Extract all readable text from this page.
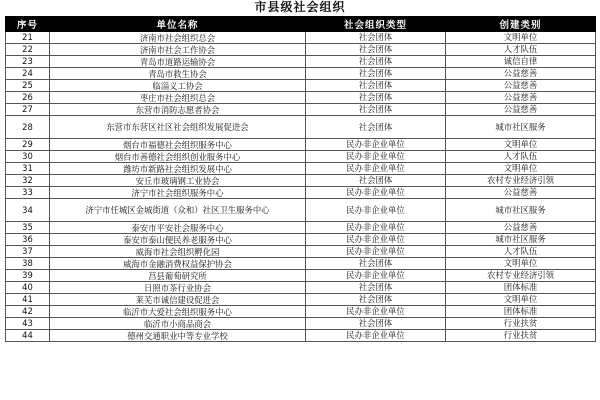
市县级社会组织
序号	单位名称	社会组织类型	创建类别
21	济南市社会组织总会	社会团体	文明单位
22	济南市社会工作协会	社会团体	人才队伍
23	青岛市道路运输协会	社会团体	诚信自律
24	青岛市救生协会	社会团体	公益慈善
25	临淄义工协会	社会团体	公益慈善
26	枣庄市社会组织总会	社会团体	公益慈善
27	东营市消防志愿者协会	社会团体	公益慈善
28	东营市东营区社区社会组织发展促进会	社会团体	城市社区服务
29	烟台市福德社会组织服务中心	民办非企业单位	文明单位
30	烟台市善德社会组织创业服务中心	民办非企业单位	人才队伍
31	潍坊市新路社会组织发展中心	民办非企业单位	文明单位
32	安丘市玻璃钢工业协会	社会团体	农村专业经济引领
33	济宁市社会组织服务中心	民办非企业单位	公益慈善
34	济宁市任城区金城街道（众和）社区卫生服务中心	民办非企业单位	城市社区服务
35	泰安市平安社会服务中心	民办非企业单位	公益慈善
36	泰安市泰山便民养老服务中心	民办非企业单位	城市社区服务
37	威海市社会组织孵化园	民办非企业单位	人才队伍
38	威海市金融消费权益保护协会	社会团体	文明单位
39	莒县葡萄研究所	民办非企业单位	农村专业经济引领
40	日照市茶行业协会	社会团体	团体标准
41	莱芜市诚信建设促进会	社会团体	文明单位
42	临沂市大爱社会组织服务中心	民办非企业单位	团体标准
43	临沂市小商品商会	社会团体	行业扶贫
44	德州交通职业中等专业学校	民办非企业单位	行业扶贫
